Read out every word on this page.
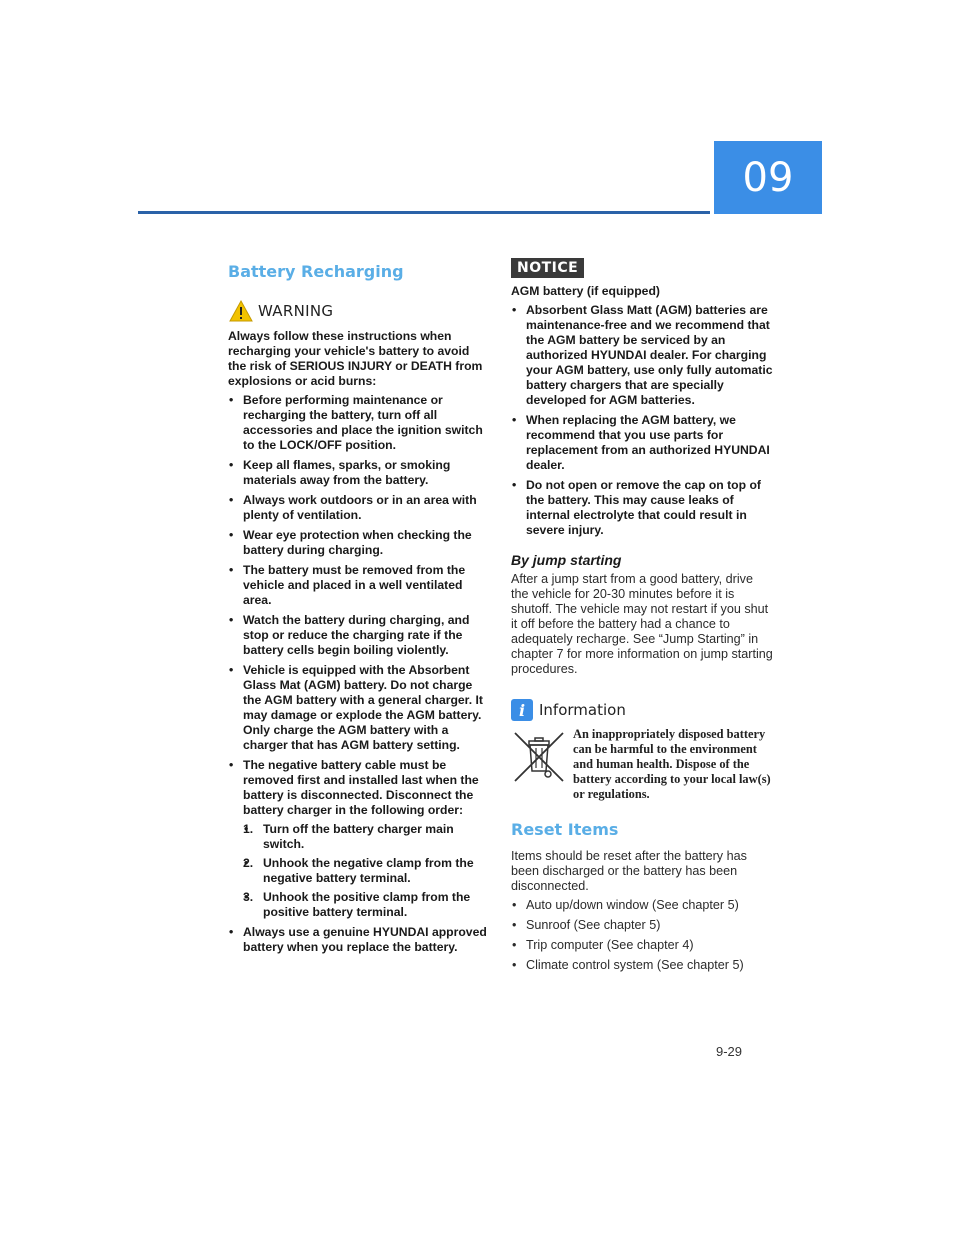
09
Battery Recharging
WARNING

Always follow these instructions when recharging your vehicle's battery to avoid the risk of SERIOUS INJURY or DEATH from explosions or acid burns:

• Before performing maintenance or recharging the battery, turn off all accessories and place the ignition switch to the LOCK/OFF position.
• Keep all flames, sparks, or smoking materials away from the battery.
• Always work outdoors or in an area with plenty of ventilation.
• Wear eye protection when checking the battery during charging.
• The battery must be removed from the vehicle and placed in a well ventilated area.
• Watch the battery during charging, and stop or reduce the charging rate if the battery cells begin boiling violently.
• Vehicle is equipped with the Absorbent Glass Mat (AGM) battery. Do not charge the AGM battery with a general charger. It may damage or explode the AGM battery. Only charge the AGM battery with a charger that has AGM battery setting.
• The negative battery cable must be removed first and installed last when the battery is disconnected. Disconnect the battery charger in the following order:
• 1. Turn off the battery charger main switch.
• 2. Unhook the negative clamp from the negative battery terminal.
• 3. Unhook the positive clamp from the positive battery terminal.
• Always use a genuine HYUNDAI approved battery when you replace the battery.
NOTICE

AGM battery (if equipped)

• Absorbent Glass Matt (AGM) batteries are maintenance-free and we recommend that the AGM battery be serviced by an authorized HYUNDAI dealer. For charging your AGM battery, use only fully automatic battery chargers that are specially developed for AGM batteries.
• When replacing the AGM battery, we recommend that you use parts for replacement from an authorized HYUNDAI dealer.
• Do not open or remove the cap on top of the battery. This may cause leaks of internal electrolyte that could result in severe injury.
By jump starting

After a jump start from a good battery, drive the vehicle for 20-30 minutes before it is shutoff. The vehicle may not restart if you shut it off before the battery had a chance to adequately recharge. See “Jump Starting” in chapter 7 for more information on jump starting procedures.

i Information
An inappropriately disposed battery can be harmful to the environment and human health. Dispose of the battery according to your local law(s) or regulations.
Reset Items

Items should be reset after the battery has been discharged or the battery has been disconnected.

• Auto up/down window (See chapter 5)
• Sunroof (See chapter 5)
• Trip computer (See chapter 4)
• Climate control system (See chapter 5)
9-29
